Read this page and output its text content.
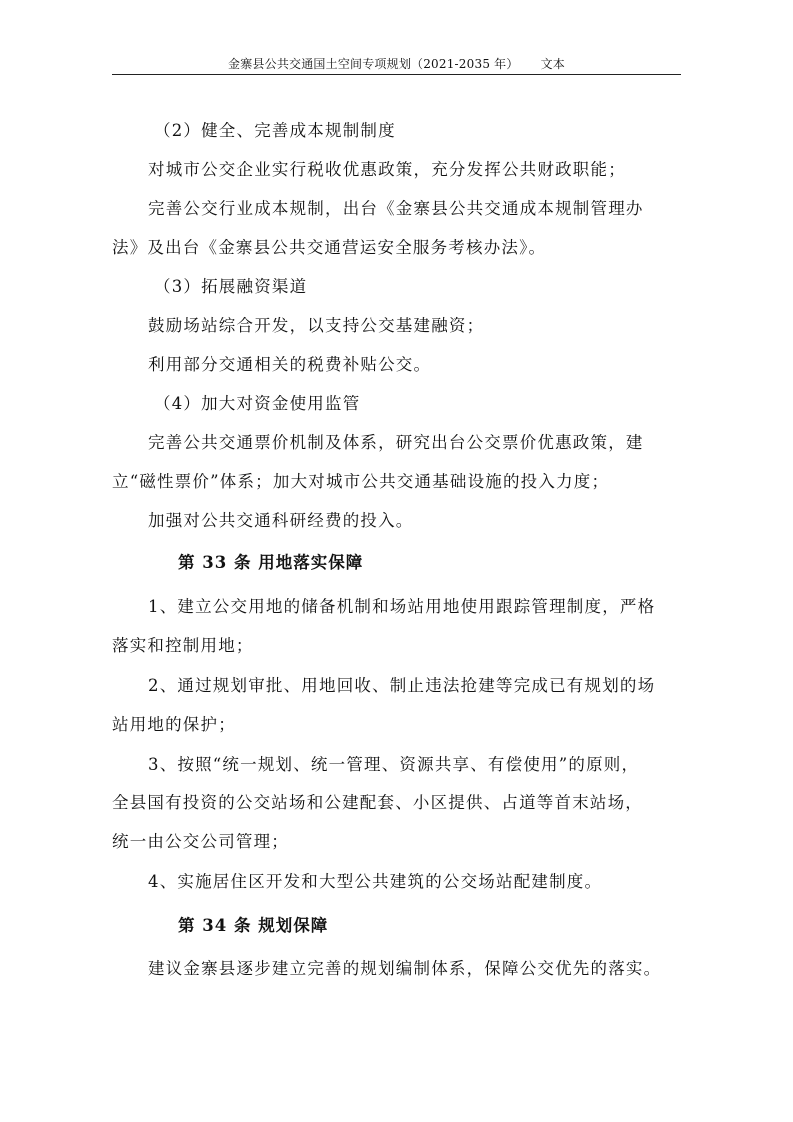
金寨县公共交通国土空间专项规划（2021-2035 年） 文本
（2）健全、完善成本规制制度
对城市公交企业实行税收优惠政策，充分发挥公共财政职能；
完善公交行业成本规制，出台《金寨县公共交通成本规制管理办
法》及出台《金寨县公共交通营运安全服务考核办法》。
（3）拓展融资渠道
鼓励场站综合开发，以支持公交基建融资；
利用部分交通相关的税费补贴公交。
（4）加大对资金使用监管
完善公共交通票价机制及体系，研究出台公交票价优惠政策，建
立“磁性票价”体系；加大对城市公共交通基础设施的投入力度；
加强对公共交通科研经费的投入。
第 33 条 用地落实保障
1、建立公交用地的储备机制和场站用地使用跟踪管理制度，严格
落实和控制用地；
2、通过规划审批、用地回收、制止违法抢建等完成已有规划的场
站用地的保护；
3、按照“统一规划、统一管理、资源共享、有偿使用”的原则，
全县国有投资的公交站场和公建配套、小区提供、占道等首末站场，
统一由公交公司管理；
4、实施居住区开发和大型公共建筑的公交场站配建制度。
第 34 条 规划保障
建议金寨县逐步建立完善的规划编制体系，保障公交优先的落实。
